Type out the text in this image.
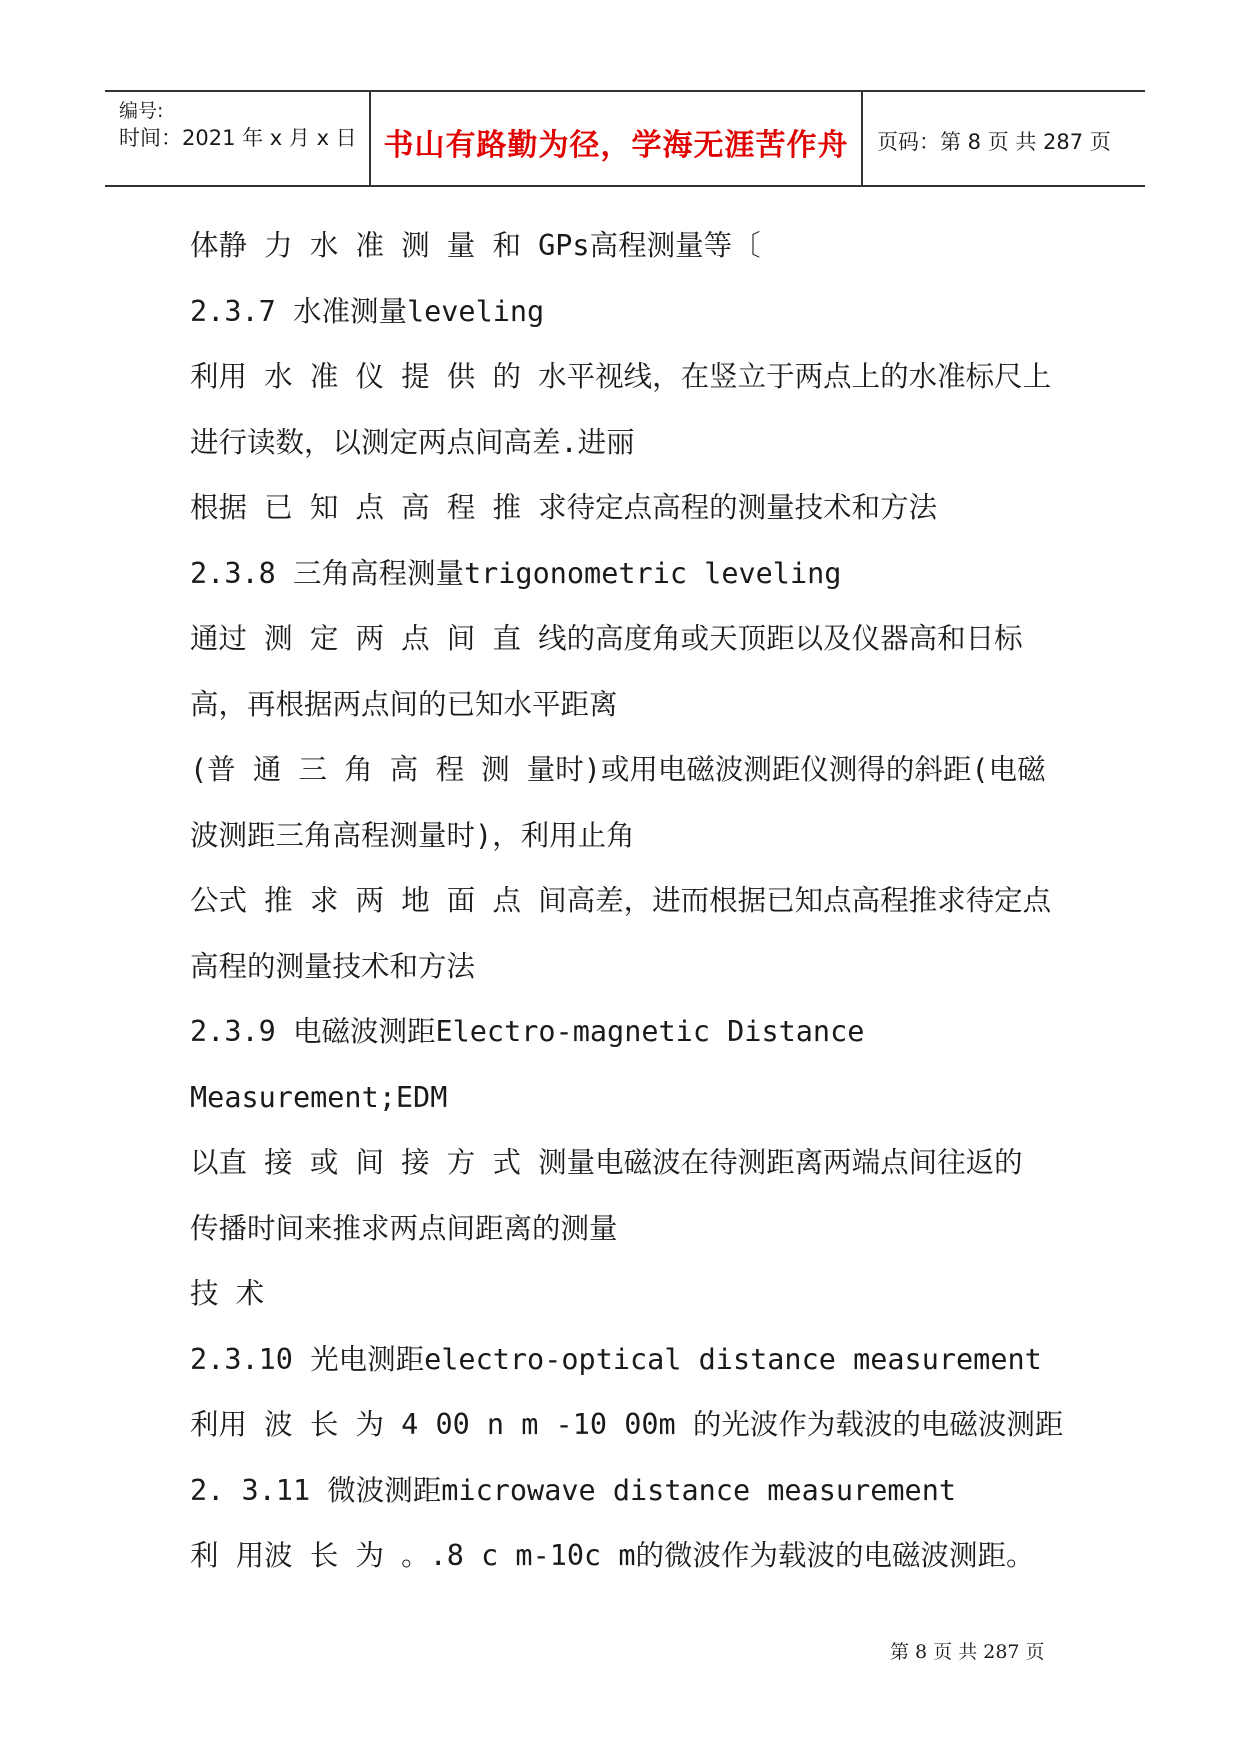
编号:
时间：2021 年 x 月 x 日 书山有路勤为径，学海无涯苦作舟	页码：第 8 页 共 287 页
体静 力 水 准 测 量 和 GPs高程测量等〔
2.3.7 水准测量leveling
利用 水 准 仪 提 供 的 水平视线，在竖立于两点上的水准标尺上
进行读数，以测定两点间高差.进丽
根据 已 知 点 高 程 推 求待定点高程的测量技术和方法
2.3.8 三角高程测量trigonometric leveling
通过 测 定 两 点 间 直 线的高度角或天顶距以及仪器高和日标
高，再根据两点间的已知水平距离
(普 通 三 角 高 程 测 量时)或用电磁波测距仪测得的斜距(电磁
波测距三角高程测量时)，利用止角
公式 推 求 两 地 面 点 间高差，进而根据已知点高程推求待定点
高程的测量技术和方法
2.3.9 电磁波测距Electro-magnetic Distance
Measurement;EDM
以直 接 或 间 接 方 式 测量电磁波在待测距离两端点间往返的
传播时间来推求两点间距离的测量
技 术
2.3.10 光电测距electro-optical distance measurement
利用 波 长 为 4 00 n m -10 00m 的光波作为载波的电磁波测距
2. 3.11 微波测距microwave distance measurement
利 用波 长 为 。.8 c m-10c m的微波作为载波的电磁波测距。
第 8 页 共 287 页
